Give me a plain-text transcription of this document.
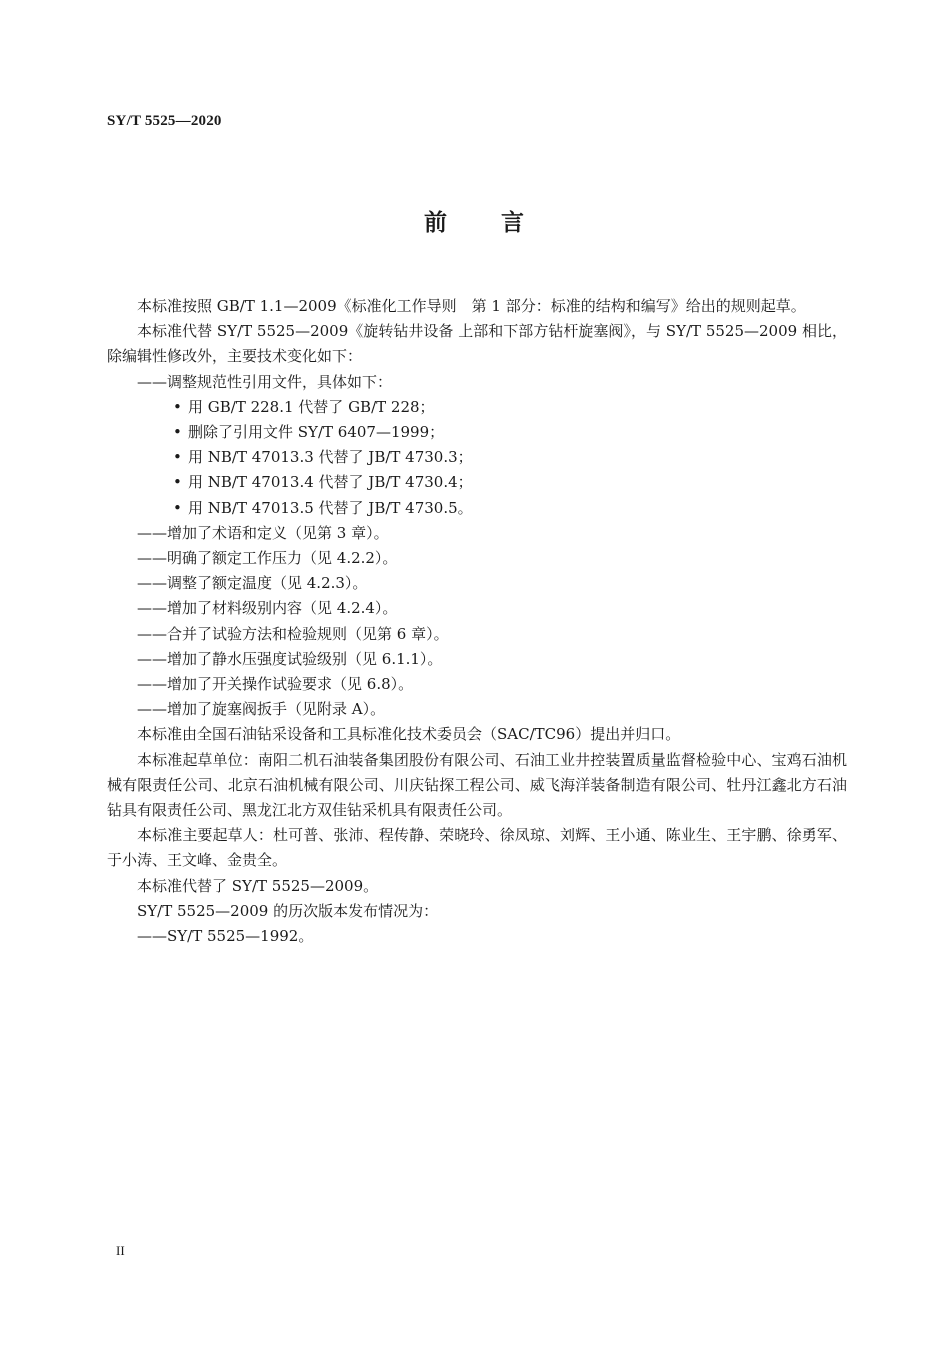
SY/T 5525—2020
前 言

本标准按照 GB/T 1.1—2009《标准化工作导则　第 1 部分：标准的结构和编写》给出的规则起草。

本标准代替 SY/T 5525—2009《旋转钻井设备 上部和下部方钻杆旋塞阀》，与 SY/T 5525—2009 相比，除编辑性修改外，主要技术变化如下：

——调整规范性引用文件，具体如下：

• 用 GB/T 228.1 代替了 GB/T 228；

• 删除了引用文件 SY/T 6407—1999；

• 用 NB/T 47013.3 代替了 JB/T 4730.3；

• 用 NB/T 47013.4 代替了 JB/T 4730.4；

• 用 NB/T 47013.5 代替了 JB/T 4730.5。

——增加了术语和定义（见第 3 章）。

——明确了额定工作压力（见 4.2.2）。

——调整了额定温度（见 4.2.3）。

——增加了材料级别内容（见 4.2.4）。

——合并了试验方法和检验规则（见第 6 章）。

——增加了静水压强度试验级别（见 6.1.1）。

——增加了开关操作试验要求（见 6.8）。

——增加了旋塞阀扳手（见附录 A）。

本标准由全国石油钻采设备和工具标准化技术委员会（SAC/TC96）提出并归口。

本标准起草单位：南阳二机石油装备集团股份有限公司、石油工业井控装置质量监督检验中心、宝鸡石油机械有限责任公司、北京石油机械有限公司、川庆钻探工程公司、威飞海洋装备制造有限公司、牡丹江鑫北方石油钻具有限责任公司、黑龙江北方双佳钻采机具有限责任公司。

本标准主要起草人：杜可普、张沛、程传静、荣晓玲、徐凤琼、刘辉、王小通、陈业生、王宇鹏、徐勇军、于小涛、王文峰、金贵全。

本标准代替了 SY/T 5525—2009。

SY/T 5525—2009 的历次版本发布情况为：

——SY/T 5525—1992。

II
